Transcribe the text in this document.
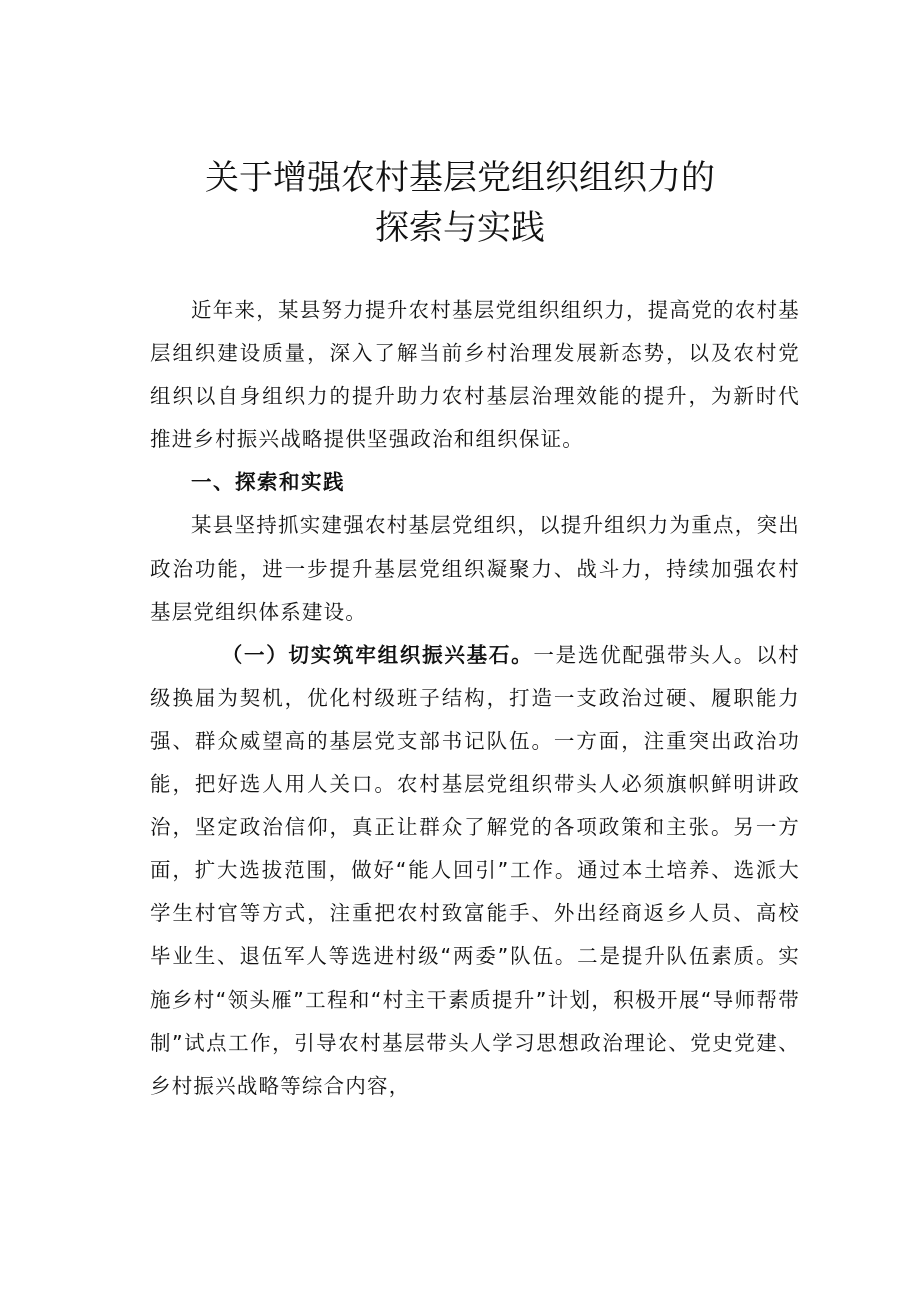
关于增强农村基层党组织组织力的
探索与实践

近年来，某县努力提升农村基层党组织组织力，提高党的农村基层组织建设质量，深入了解当前乡村治理发展新态势，以及农村党组织以自身组织力的提升助力农村基层治理效能的提升，为新时代推进乡村振兴战略提供坚强政治和组织保证。

一、探索和实践

某县坚持抓实建强农村基层党组织，以提升组织力为重点，突出政治功能，进一步提升基层党组织凝聚力、战斗力，持续加强农村基层党组织体系建设。

（一）切实筑牢组织振兴基石。一是选优配强带头人。以村级换届为契机，优化村级班子结构，打造一支政治过硬、履职能力强、群众威望高的基层党支部书记队伍。一方面，注重突出政治功能，把好选人用人关口。农村基层党组织带头人必须旗帜鲜明讲政治，坚定政治信仰，真正让群众了解党的各项政策和主张。另一方面，扩大选拔范围，做好“能人回引”工作。通过本土培养、选派大学生村官等方式，注重把农村致富能手、外出经商返乡人员、高校毕业生、退伍军人等选进村级“两委”队伍。二是提升队伍素质。实施乡村“领头雁”工程和“村主干素质提升”计划，积极开展“导师帮带制”试点工作，引导农村基层带头人学习思想政治理论、党史党建、乡村振兴战略等综合内容，
